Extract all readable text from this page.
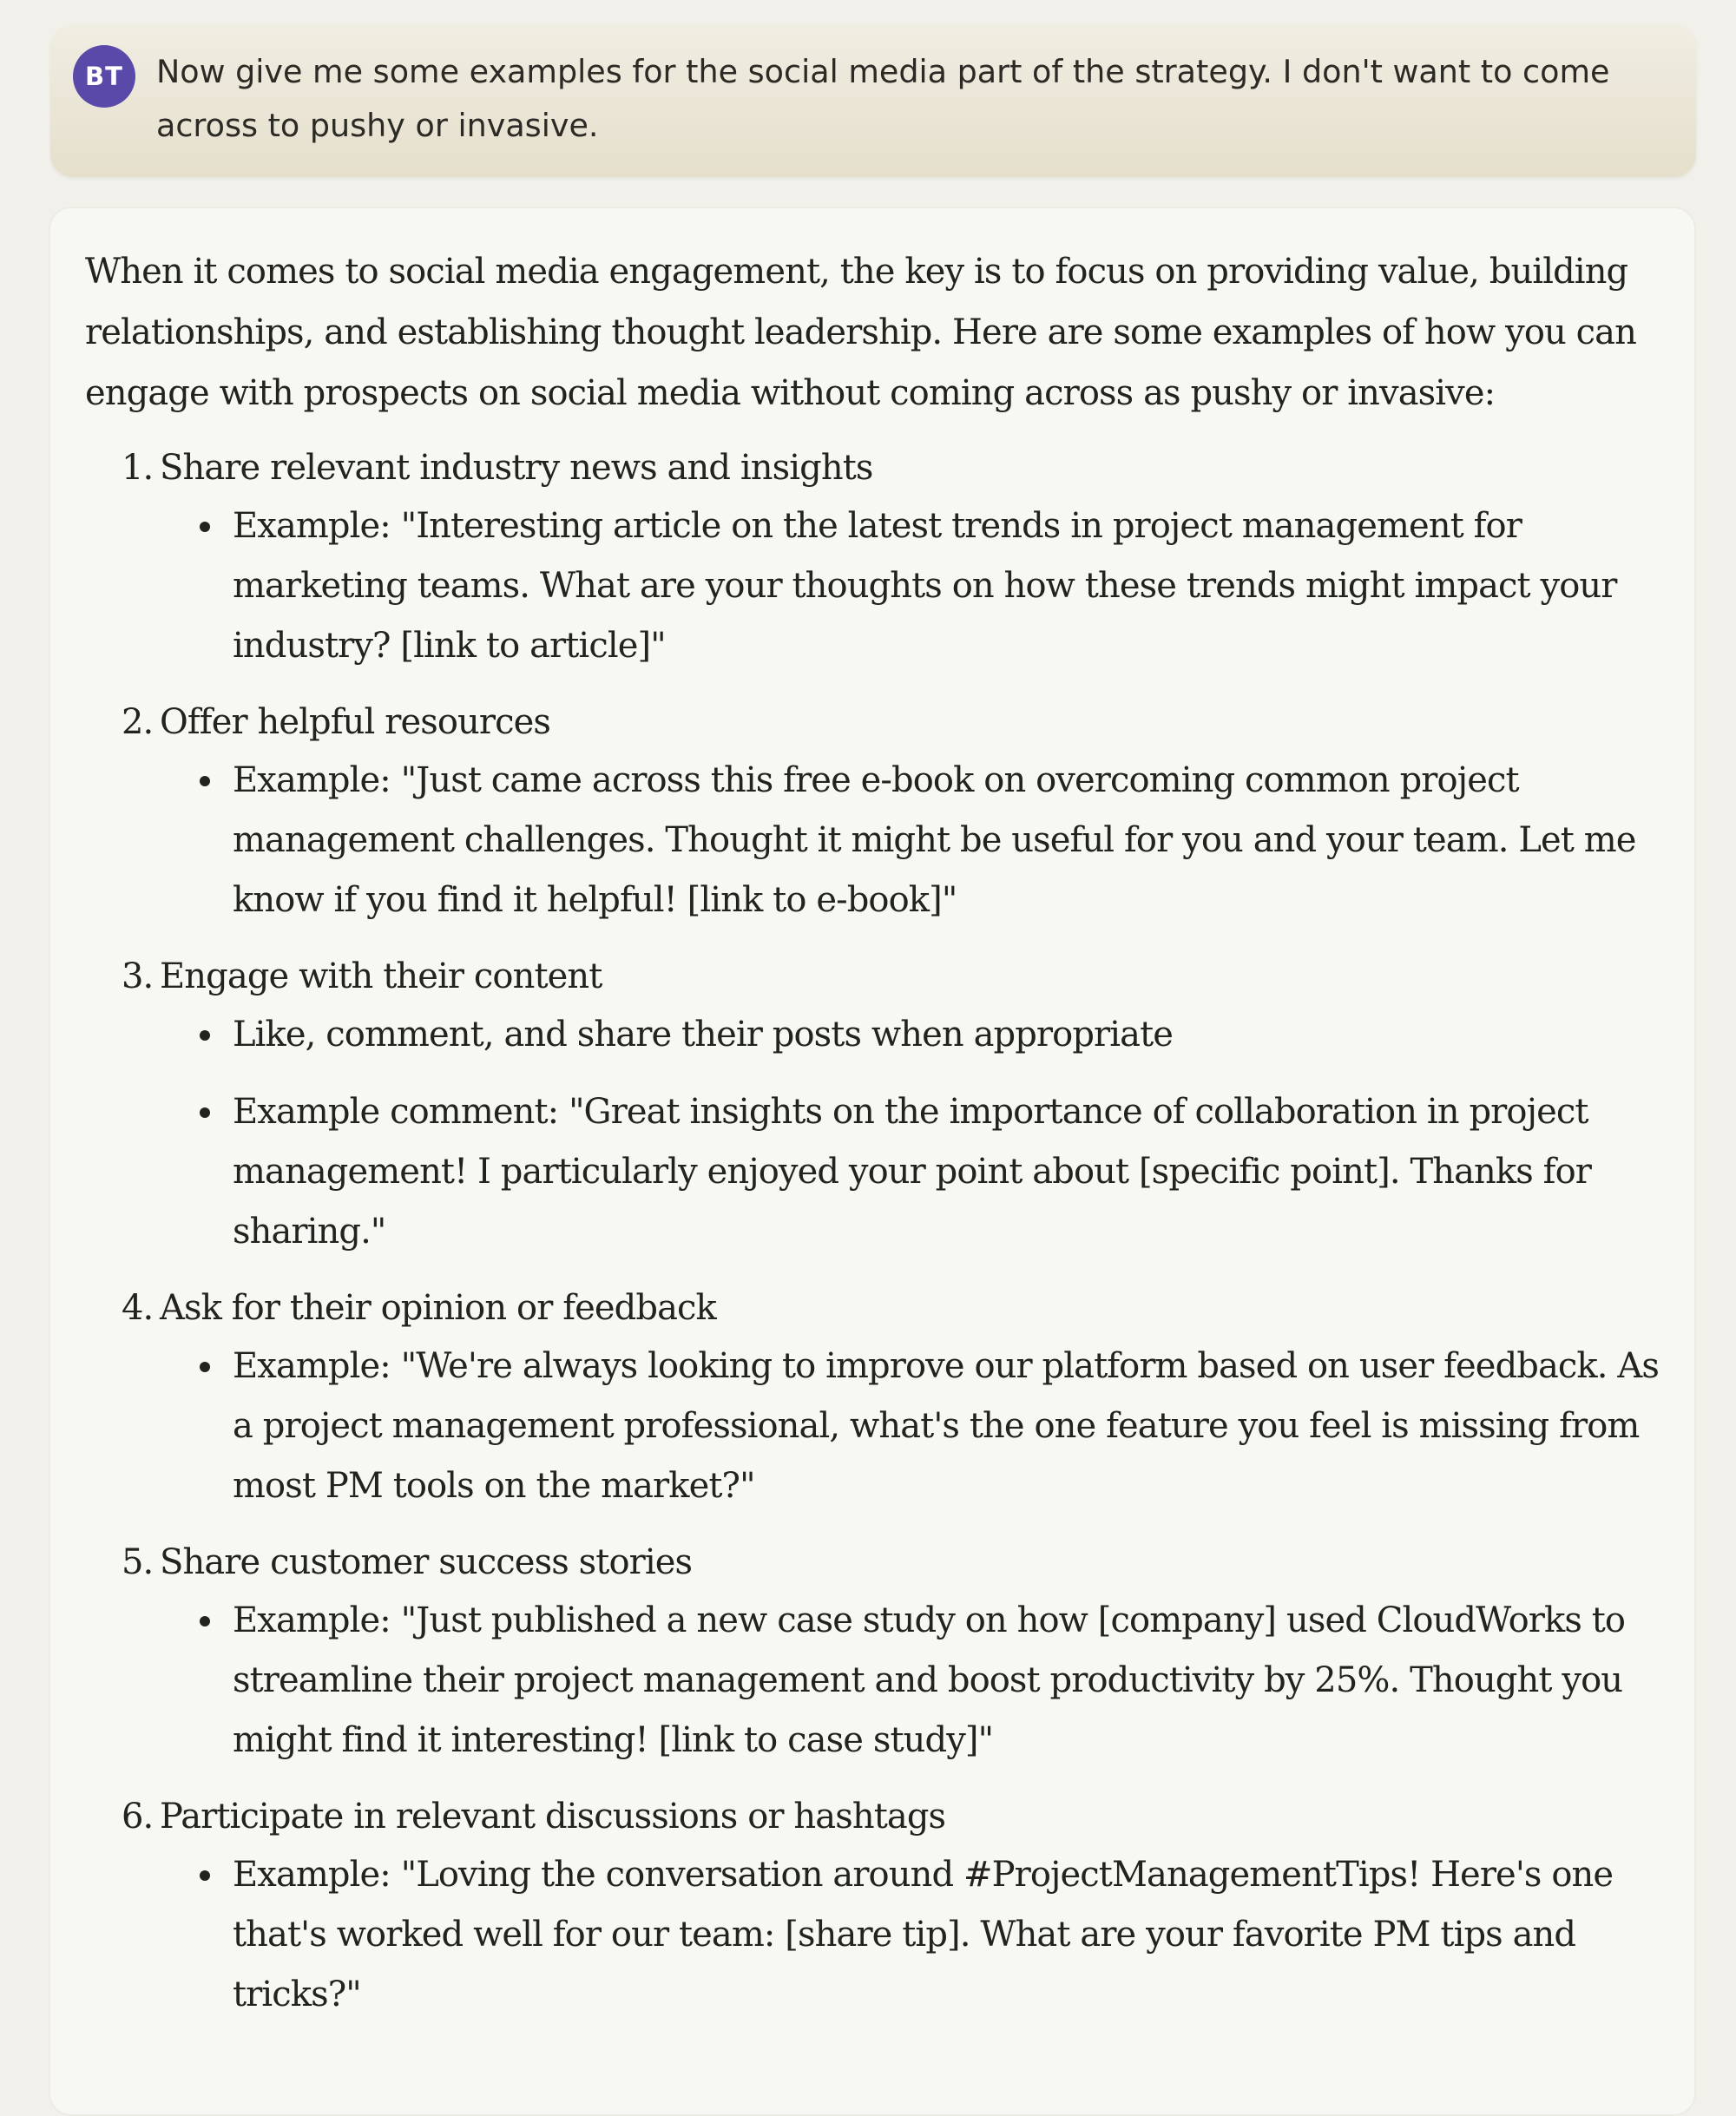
BT	Now give me some examples for the social media part of the strategy. I don't want to come across to pushy or invasive.

When it comes to social media engagement, the key is to focus on providing value, building relationships, and establishing thought leadership. Here are some examples of how you can engage with prospects on social media without coming across as pushy or invasive:

1. Share relevant industry news and insights
Example: "Interesting article on the latest trends in project management for marketing teams. What are your thoughts on how these trends might impact your industry? [link to article]"
2. Offer helpful resources
Example: "Just came across this free e-book on overcoming common project management challenges. Thought it might be useful for you and your team. Let me know if you find it helpful! [link to e-book]"
3. Engage with their content
Like, comment, and share their posts when appropriate
Example comment: "Great insights on the importance of collaboration in project management! I particularly enjoyed your point about [specific point]. Thanks for sharing."
4. Ask for their opinion or feedback
Example: "We're always looking to improve our platform based on user feedback. As a project management professional, what's the one feature you feel is missing from most PM tools on the market?"
5. Share customer success stories
Example: "Just published a new case study on how [company] used CloudWorks to streamline their project management and boost productivity by 25%. Thought you might find it interesting! [link to case study]"
6. Participate in relevant discussions or hashtags
Example: "Loving the conversation around #ProjectManagementTips! Here's one that's worked well for our team: [share tip]. What are your favorite PM tips and tricks?"
